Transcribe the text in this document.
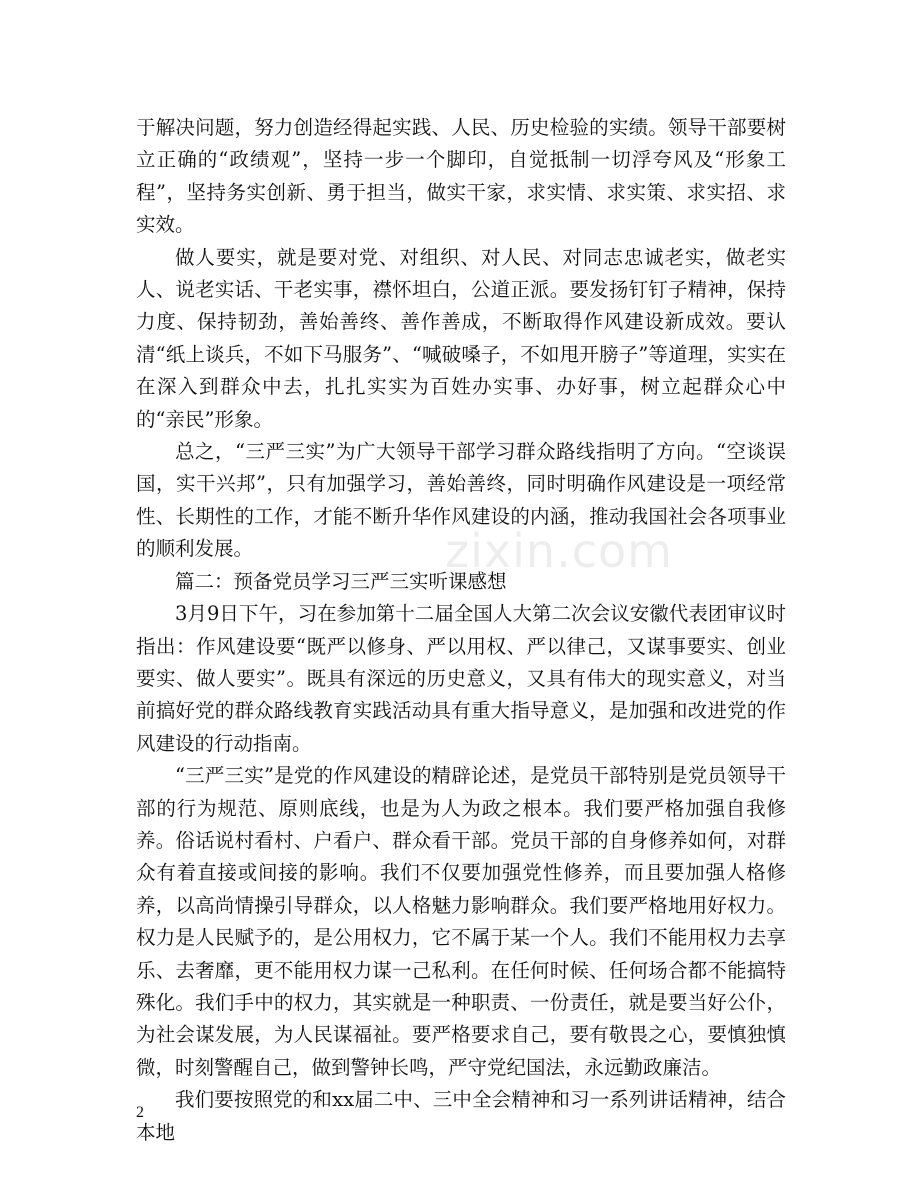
于解决问题，努力创造经得起实践、人民、历史检验的实绩。领导干部要树立正确的“政绩观”，坚持一步一个脚印，自觉抵制一切浮夸风及“形象工程”，坚持务实创新、勇于担当，做实干家，求实情、求实策、求实招、求实效。

做人要实，就是要对党、对组织、对人民、对同志忠诚老实，做老实人、说老实话、干老实事，襟怀坦白，公道正派。要发扬钉钉子精神，保持力度、保持韧劲，善始善终、善作善成，不断取得作风建设新成效。要认清“纸上谈兵，不如下马服务”、“喊破嗓子，不如甩开膀子”等道理，实实在在深入到群众中去，扎扎实实为百姓办实事、办好事，树立起群众心中的“亲民”形象。

总之，“三严三实”为广大领导干部学习群众路线指明了方向。“空谈误国，实干兴邦”，只有加强学习，善始善终，同时明确作风建设是一项经常性、长期性的工作，才能不断升华作风建设的内涵，推动我国社会各项事业的顺利发展。

篇二：预备党员学习三严三实听课感想

3月9日下午，习在参加第十二届全国人大第二次会议安徽代表团审议时指出：作风建设要“既严以修身、严以用权、严以律己，又谋事要实、创业要实、做人要实”。既具有深远的历史意义，又具有伟大的现实意义，对当前搞好党的群众路线教育实践活动具有重大指导意义，是加强和改进党的作风建设的行动指南。

“三严三实”是党的作风建设的精辟论述，是党员干部特别是党员领导干部的行为规范、原则底线，也是为人为政之根本。我们要严格加强自我修养。俗话说村看村、户看户、群众看干部。党员干部的自身修养如何，对群众有着直接或间接的影响。我们不仅要加强党性修养，而且要加强人格修养，以高尚情操引导群众，以人格魅力影响群众。我们要严格地用好权力。权力是人民赋予的，是公用权力，它不属于某一个人。我们不能用权力去享乐、去奢靡，更不能用权力谋一己私利。在任何时候、任何场合都不能搞特殊化。我们手中的权力，其实就是一种职责、一份责任，就是要当好公仆，为社会谋发展，为人民谋福祉。要严格要求自己，要有敬畏之心，要慎独慎微，时刻警醒自己，做到警钟长鸣，严守党纪国法，永远勤政廉洁。

我们要按照党的和xx届二中、三中全会精神和习一系列讲话精神，结合本地

zixin.com
2
